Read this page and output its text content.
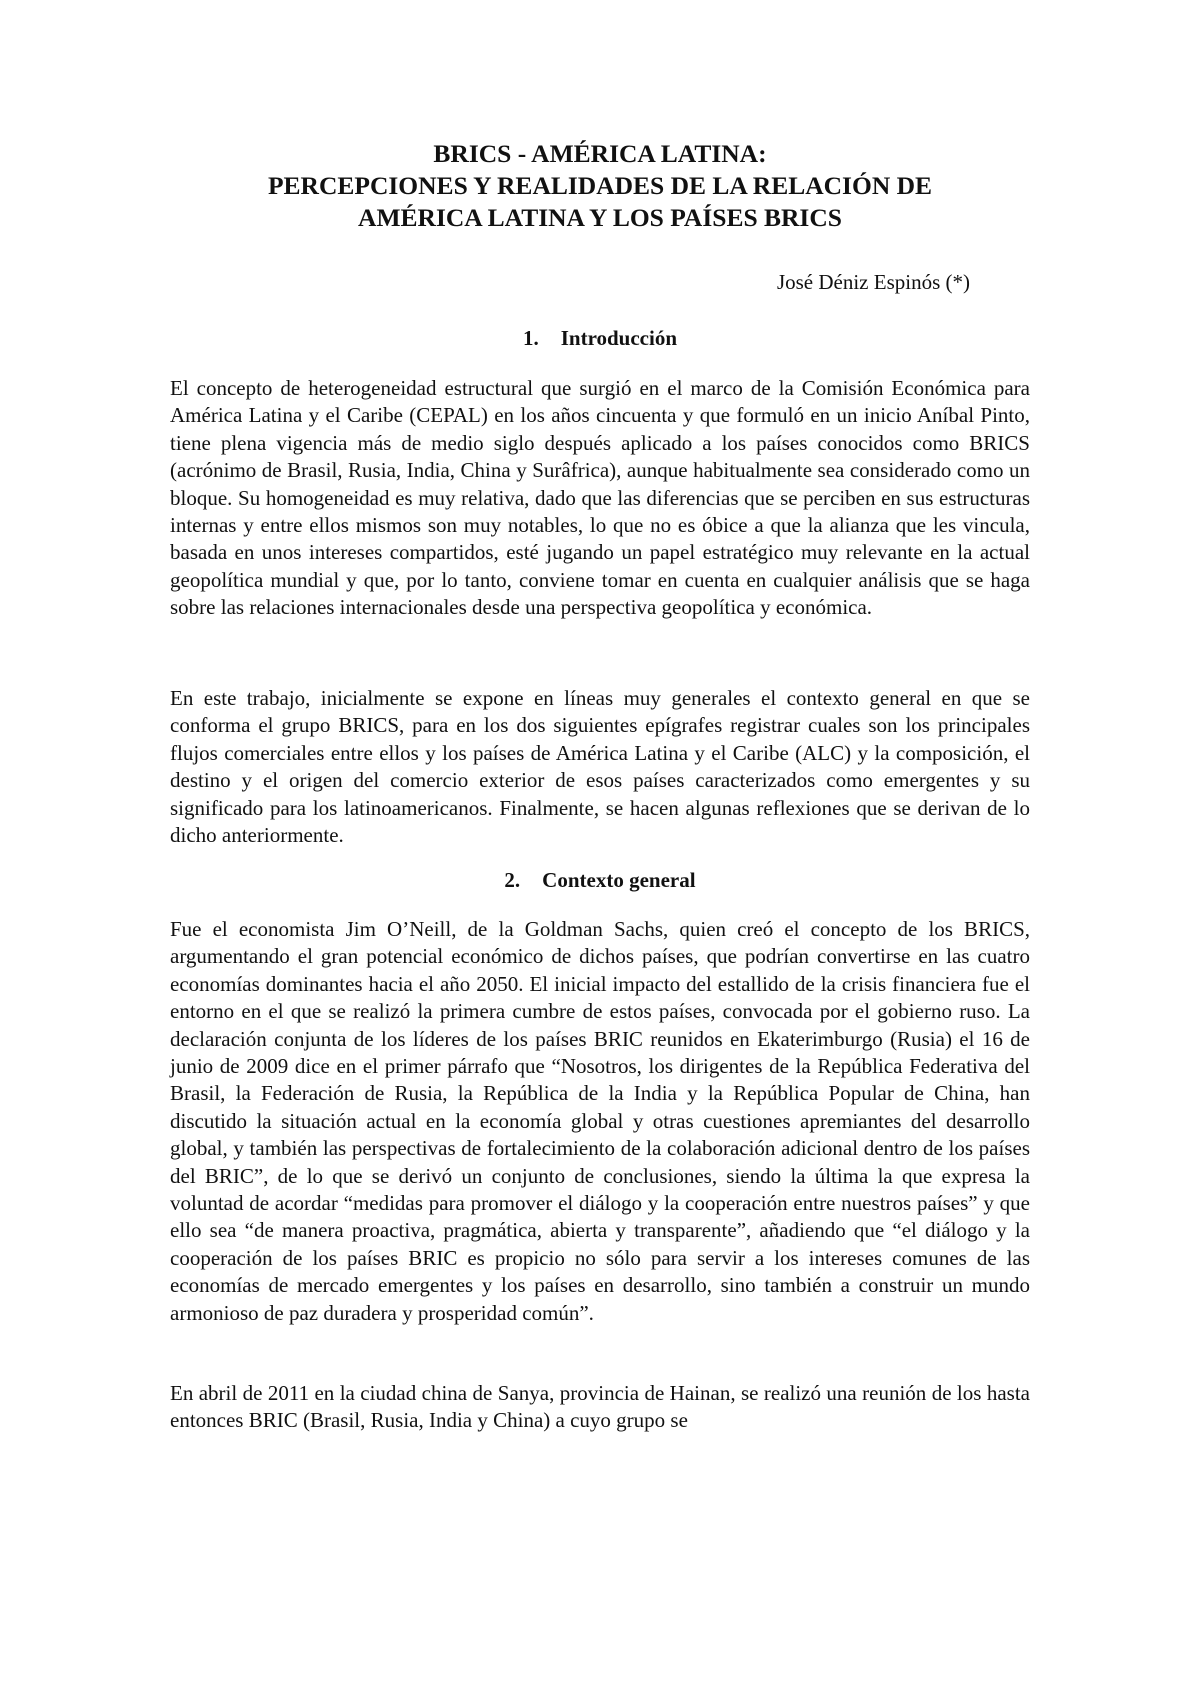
BRICS - AMÉRICA LATINA:
PERCEPCIONES Y REALIDADES DE LA RELACIÓN DE
AMÉRICA LATINA Y LOS PAÍSES BRICS

José Déniz Espinós (*)

1. Introducción

El concepto de heterogeneidad estructural que surgió en el marco de la Comisión Económica para América Latina y el Caribe (CEPAL) en los años cincuenta y que formuló en un inicio Aníbal Pinto, tiene plena vigencia más de medio siglo después aplicado a los países conocidos como BRICS (acrónimo de Brasil, Rusia, India, China y Surâfrica), aunque habitualmente sea considerado como un bloque. Su homogeneidad es muy relativa, dado que las diferencias que se perciben en sus estructuras internas y entre ellos mismos son muy notables, lo que no es óbice a que la alianza que les vincula, basada en unos intereses compartidos, esté jugando un papel estratégico muy relevante en la actual geopolítica mundial y que, por lo tanto, conviene tomar en cuenta en cualquier análisis que se haga sobre las relaciones internacionales desde una perspectiva geopolítica y económica.

En este trabajo, inicialmente se expone en líneas muy generales el contexto general en que se conforma el grupo BRICS, para en los dos siguientes epígrafes registrar cuales son los principales flujos comerciales entre ellos y los países de América Latina y el Caribe (ALC) y la composición, el destino y el origen del comercio exterior de esos países caracterizados como emergentes y su significado para los latinoamericanos. Finalmente, se hacen algunas reflexiones que se derivan de lo dicho anteriormente.

2. Contexto general

Fue el economista Jim O’Neill, de la Goldman Sachs, quien creó el concepto de los BRICS, argumentando el gran potencial económico de dichos países, que podrían convertirse en las cuatro economías dominantes hacia el año 2050. El inicial impacto del estallido de la crisis financiera fue el entorno en el que se realizó la primera cumbre de estos países, convocada por el gobierno ruso. La declaración conjunta de los líderes de los países BRIC reunidos en Ekaterimburgo (Rusia) el 16 de junio de 2009 dice en el primer párrafo que “Nosotros, los dirigentes de la República Federativa del Brasil, la Federación de Rusia, la República de la India y la República Popular de China, han discutido la situación actual en la economía global y otras cuestiones apremiantes del desarrollo global, y también las perspectivas de fortalecimiento de la colaboración adicional dentro de los países del BRIC”, de lo que se derivó un conjunto de conclusiones, siendo la última la que expresa la voluntad de acordar “medidas para promover el diálogo y la cooperación entre nuestros países” y que ello sea “de manera proactiva, pragmática, abierta y transparente”, añadiendo que “el diálogo y la cooperación de los países BRIC es propicio no sólo para servir a los intereses comunes de las economías de mercado emergentes y los países en desarrollo, sino también a construir un mundo armonioso de paz duradera y prosperidad común”.

En abril de 2011 en la ciudad china de Sanya, provincia de Hainan, se realizó una reunión de los hasta entonces BRIC (Brasil, Rusia, India y China) a cuyo grupo se
